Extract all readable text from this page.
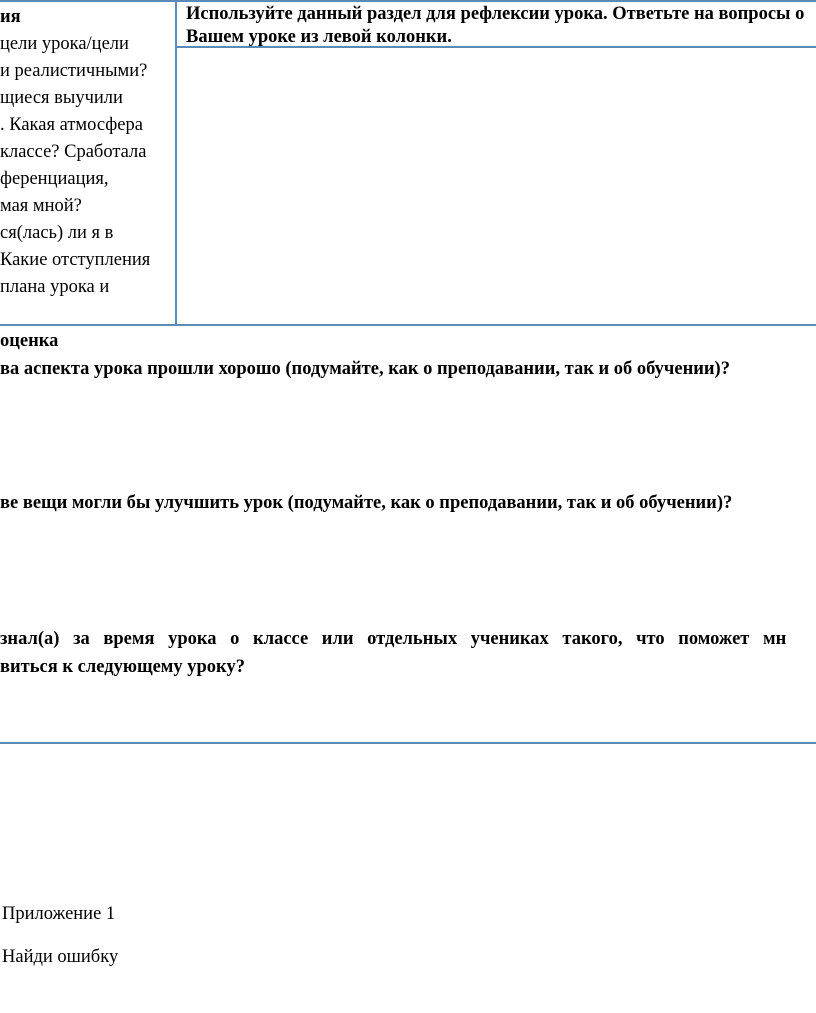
ия
цели урока/цели
и реалистичными?
щиеся выучили
. Какая атмосфера
классе? Сработала
ференциация,
мая мной?
ся(лась) ли я в
Какие отступления
плана урока и
Используйте данный раздел для рефлексии урока. Ответьте на вопросы о Вашем уроке из левой колонки.
оценка
ва аспекта урока прошли хорошо (подумайте, как о преподавании, так и об обучении)?
ве вещи могли бы улучшить урок (подумайте, как о преподавании, так и об обучении)?
знал(а) за время урока о классе или отдельных учениках такого, что поможет мн
виться к следующему уроку?
Приложение 1
Найди ошибку
